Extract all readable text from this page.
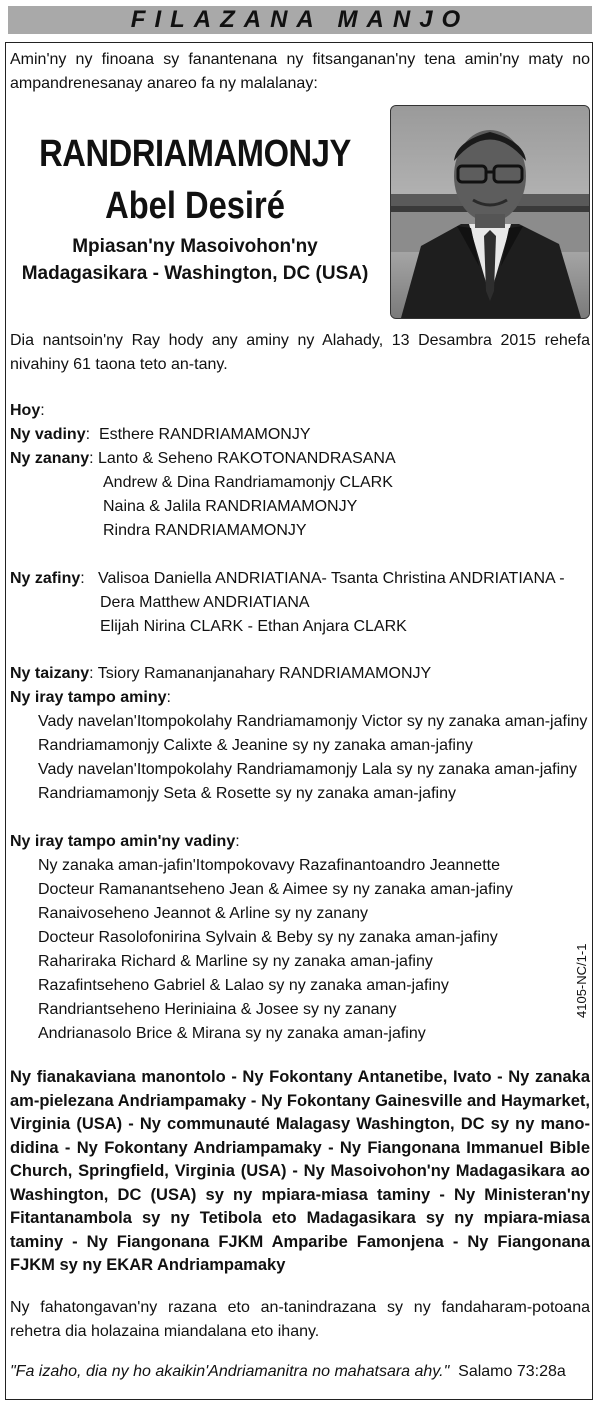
FILAZANA MANJO
Amin'ny ny finoana sy fanantenana ny fitsanganan'ny tena amin'ny maty no ampandrenesanay anareo fa ny malalanay:
RANDRIAMAMONJY
Abel Desiré
Mpiasan'ny Masoivohon'ny
Madagasikara - Washington, DC (USA)
Dia nantsoin'ny Ray hody any aminy ny Alahady, 13 Desambra 2015 rehefa nivahiny 61 taona teto an-tany.
Hoy:
Ny vadiny:  Esthere RANDRIAMAMONJY
Ny zanany: Lanto & Seheno RAKOTONANDRASANA
Andrew & Dina Randriamamonjy CLARK
Naina & Jalila RANDRIAMAMONJY
Rindra RANDRIAMAMONJY
Ny zafiny:   Valisoa Daniella ANDRIATIANA- Tsanta Christina ANDRIATIANA -
Dera Matthew ANDRIATIANA
Elijah Nirina CLARK - Ethan Anjara CLARK
Ny taizany: Tsiory Ramananjanahary RANDRIAMAMONJY
Ny iray tampo aminy:
Vady navelan'Itompokolahy Randriamamonjy Victor sy ny zanaka aman-jafiny
Randriamamonjy Calixte & Jeanine sy ny zanaka aman-jafiny
Vady navelan'Itompokolahy Randriamamonjy Lala sy ny zanaka aman-jafiny
Randriamamonjy Seta & Rosette sy ny zanaka aman-jafiny
Ny iray tampo amin'ny vadiny:
Ny zanaka aman-jafin'Itompokovavy Razafinantoandro Jeannette
Docteur Ramanantseheno Jean & Aimee sy ny zanaka aman-jafiny
Ranaivoseheno Jeannot & Arline sy ny zanany
Docteur Rasolofonirina Sylvain & Beby sy ny zanaka aman-jafiny
Rahariraka Richard & Marline sy ny zanaka aman-jafiny
Razafintseheno Gabriel & Lalao sy ny zanaka aman-jafiny
Randriantseheno Heriniaina & Josee sy ny zanany
Andrianasolo Brice & Mirana sy ny zanaka aman-jafiny
4105-NC/1-1
Ny fianakaviana manontolo - Ny Fokontany Antanetibe, Ivato - Ny zanaka am-pielezana Andriampamaky - Ny Fokontany Gainesville and Haymarket, Virginia (USA) - Ny communauté Malagasy Washington, DC sy ny mano-didina - Ny Fokontany Andriampamaky - Ny Fiangonana Immanuel Bible Church, Springfield, Virginia (USA) - Ny Masoivohon'ny Madagasikara ao Washington, DC (USA) sy ny mpiara-miasa taminy - Ny Ministeran'ny Fitantanambola sy ny Tetibola eto Madagasikara sy ny mpiara-miasa taminy - Ny Fiangonana FJKM Amparibe Famonjena - Ny Fiangonana FJKM sy ny EKAR Andriampamaky
Ny fahatongavan'ny razana eto an-tanindrazana sy ny fandaharam-potoana rehetra dia holazaina miandalana eto ihany.
"Fa izaho, dia ny ho akaikin'Andriamanitra no mahatsara ahy." Salamo 73:28a
